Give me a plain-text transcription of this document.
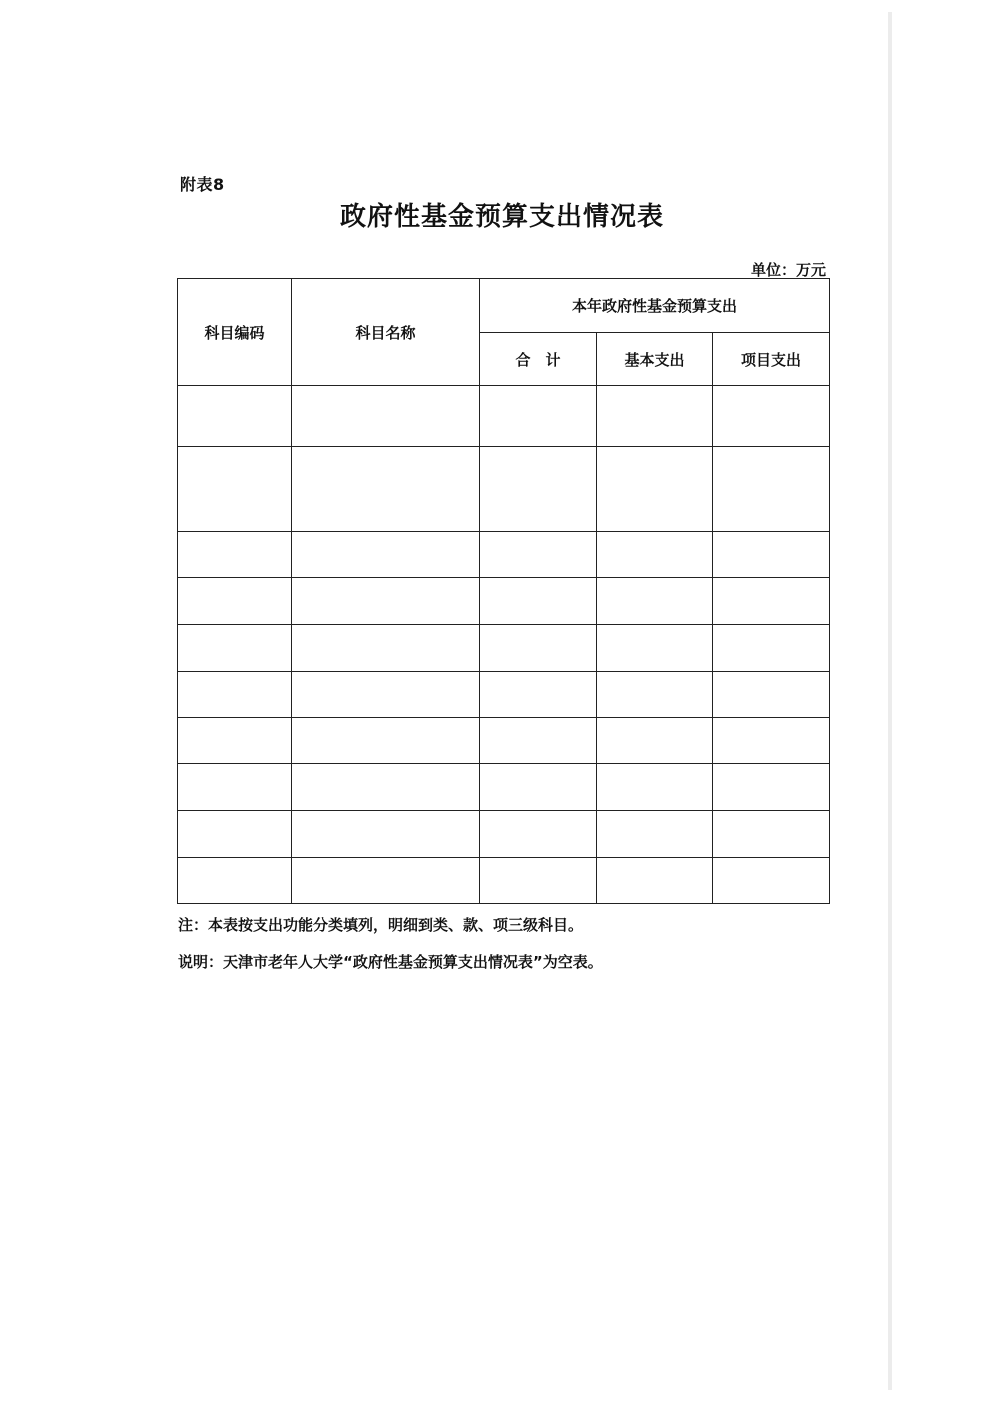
附表8
政府性基金预算支出情况表
单位：万元
科目编码	科目名称	本年政府性基金预算支出		
		合　计	基本支出	项目支出

注：本表按支出功能分类填列，明细到类、款、项三级科目。
说明：天津市老年人大学“政府性基金预算支出情况表”为空表。
